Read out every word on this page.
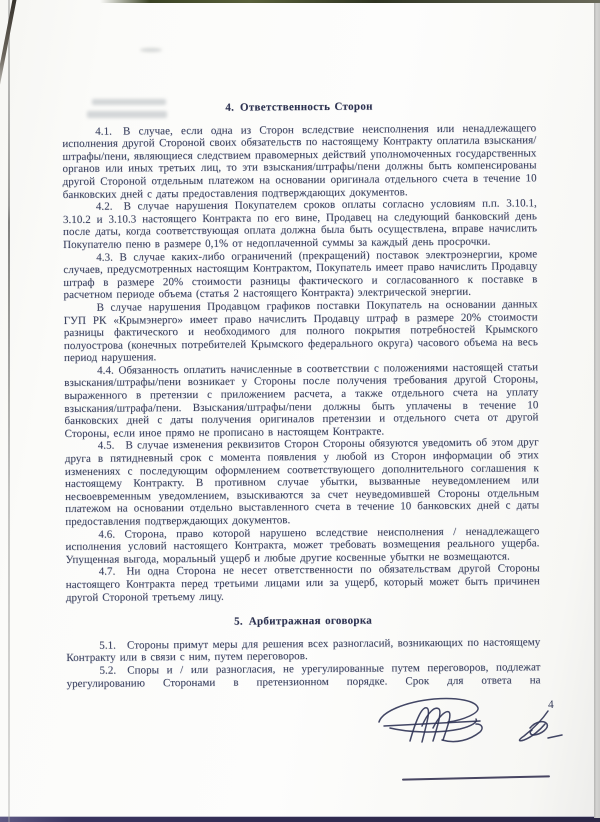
4. Ответственность Сторон

4.1. В случае, если одна из Сторон вследствие неисполнения или ненадлежащего исполнения другой Стороной своих обязательств по настоящему Контракту оплатила взыскания/штрафы/пени, являющиеся следствием правомерных действий уполномоченных государственных органов или иных третьих лиц, то эти взыскания/штрафы/пени должны быть компенсированы другой Стороной отдельным платежом на основании оригинала отдельного счета в течение 10 банковских дней с даты предоставления подтверждающих документов.

4.2. В случае нарушения Покупателем сроков оплаты согласно условиям п.п. 3.10.1, 3.10.2 и 3.10.3 настоящего Контракта по его вине, Продавец на следующий банковский день после даты, когда соответствующая оплата должна была быть осуществлена, вправе начислить Покупателю пеню в размере 0,1% от недоплаченной суммы за каждый день просрочки.

4.3. В случае каких-либо ограничений (прекращений) поставок электроэнергии, кроме случаев, предусмотренных настоящим Контрактом, Покупатель имеет право начислить Продавцу штраф в размере 20% стоимости разницы фактического и согласованного к поставке в расчетном периоде объема (статья 2 настоящего Контракта) электрической энергии.

В случае нарушения Продавцом графиков поставки Покупатель на основании данных ГУП РК «Крымэнерго» имеет право начислить Продавцу штраф в размере 20% стоимости разницы фактического и необходимого для полного покрытия потребностей Крымского полуострова (конечных потребителей Крымского федерального округа) часового объема на весь период нарушения.

4.4. Обязанность оплатить начисленные в соответствии с положениями настоящей статьи взыскания/штрафы/пени возникает у Стороны после получения требования другой Стороны, выраженного в претензии с приложением расчета, а также отдельного счета на уплату взыскания/штрафа/пени. Взыскания/штрафы/пени должны быть уплачены в течение 10 банковских дней с даты получения оригиналов претензии и отдельного счета от другой Стороны, если иное прямо не прописано в настоящем Контракте.

4.5. В случае изменения реквизитов Сторон Стороны обязуются уведомить об этом друг друга в пятидневный срок с момента появления у любой из Сторон информации об этих изменениях с последующим оформлением соответствующего дополнительного соглашения к настоящему Контракту. В противном случае убытки, вызванные неуведомлением или несвоевременным уведомлением, взыскиваются за счет неуведомившей Стороны отдельным платежом на основании отдельно выставленного счета в течение 10 банковских дней с даты предоставления подтверждающих документов.

4.6. Сторона, право которой нарушено вследствие неисполнения / ненадлежащего исполнения условий настоящего Контракта, может требовать возмещения реального ущерба. Упущенная выгода, моральный ущерб и любые другие косвенные убытки не возмещаются.

4.7. Ни одна Сторона не несет ответственности по обязательствам другой Стороны настоящего Контракта перед третьими лицами или за ущерб, который может быть причинен другой Стороной третьему лицу.

5. Арбитражная оговорка

5.1. Стороны примут меры для решения всех разногласий, возникающих по настоящему Контракту или в связи с ним, путем переговоров.

5.2. Споры и / или разногласия, не урегулированные путем переговоров, подлежат урегулированию Сторонами в претензионном порядке. Срок для ответа на

4
